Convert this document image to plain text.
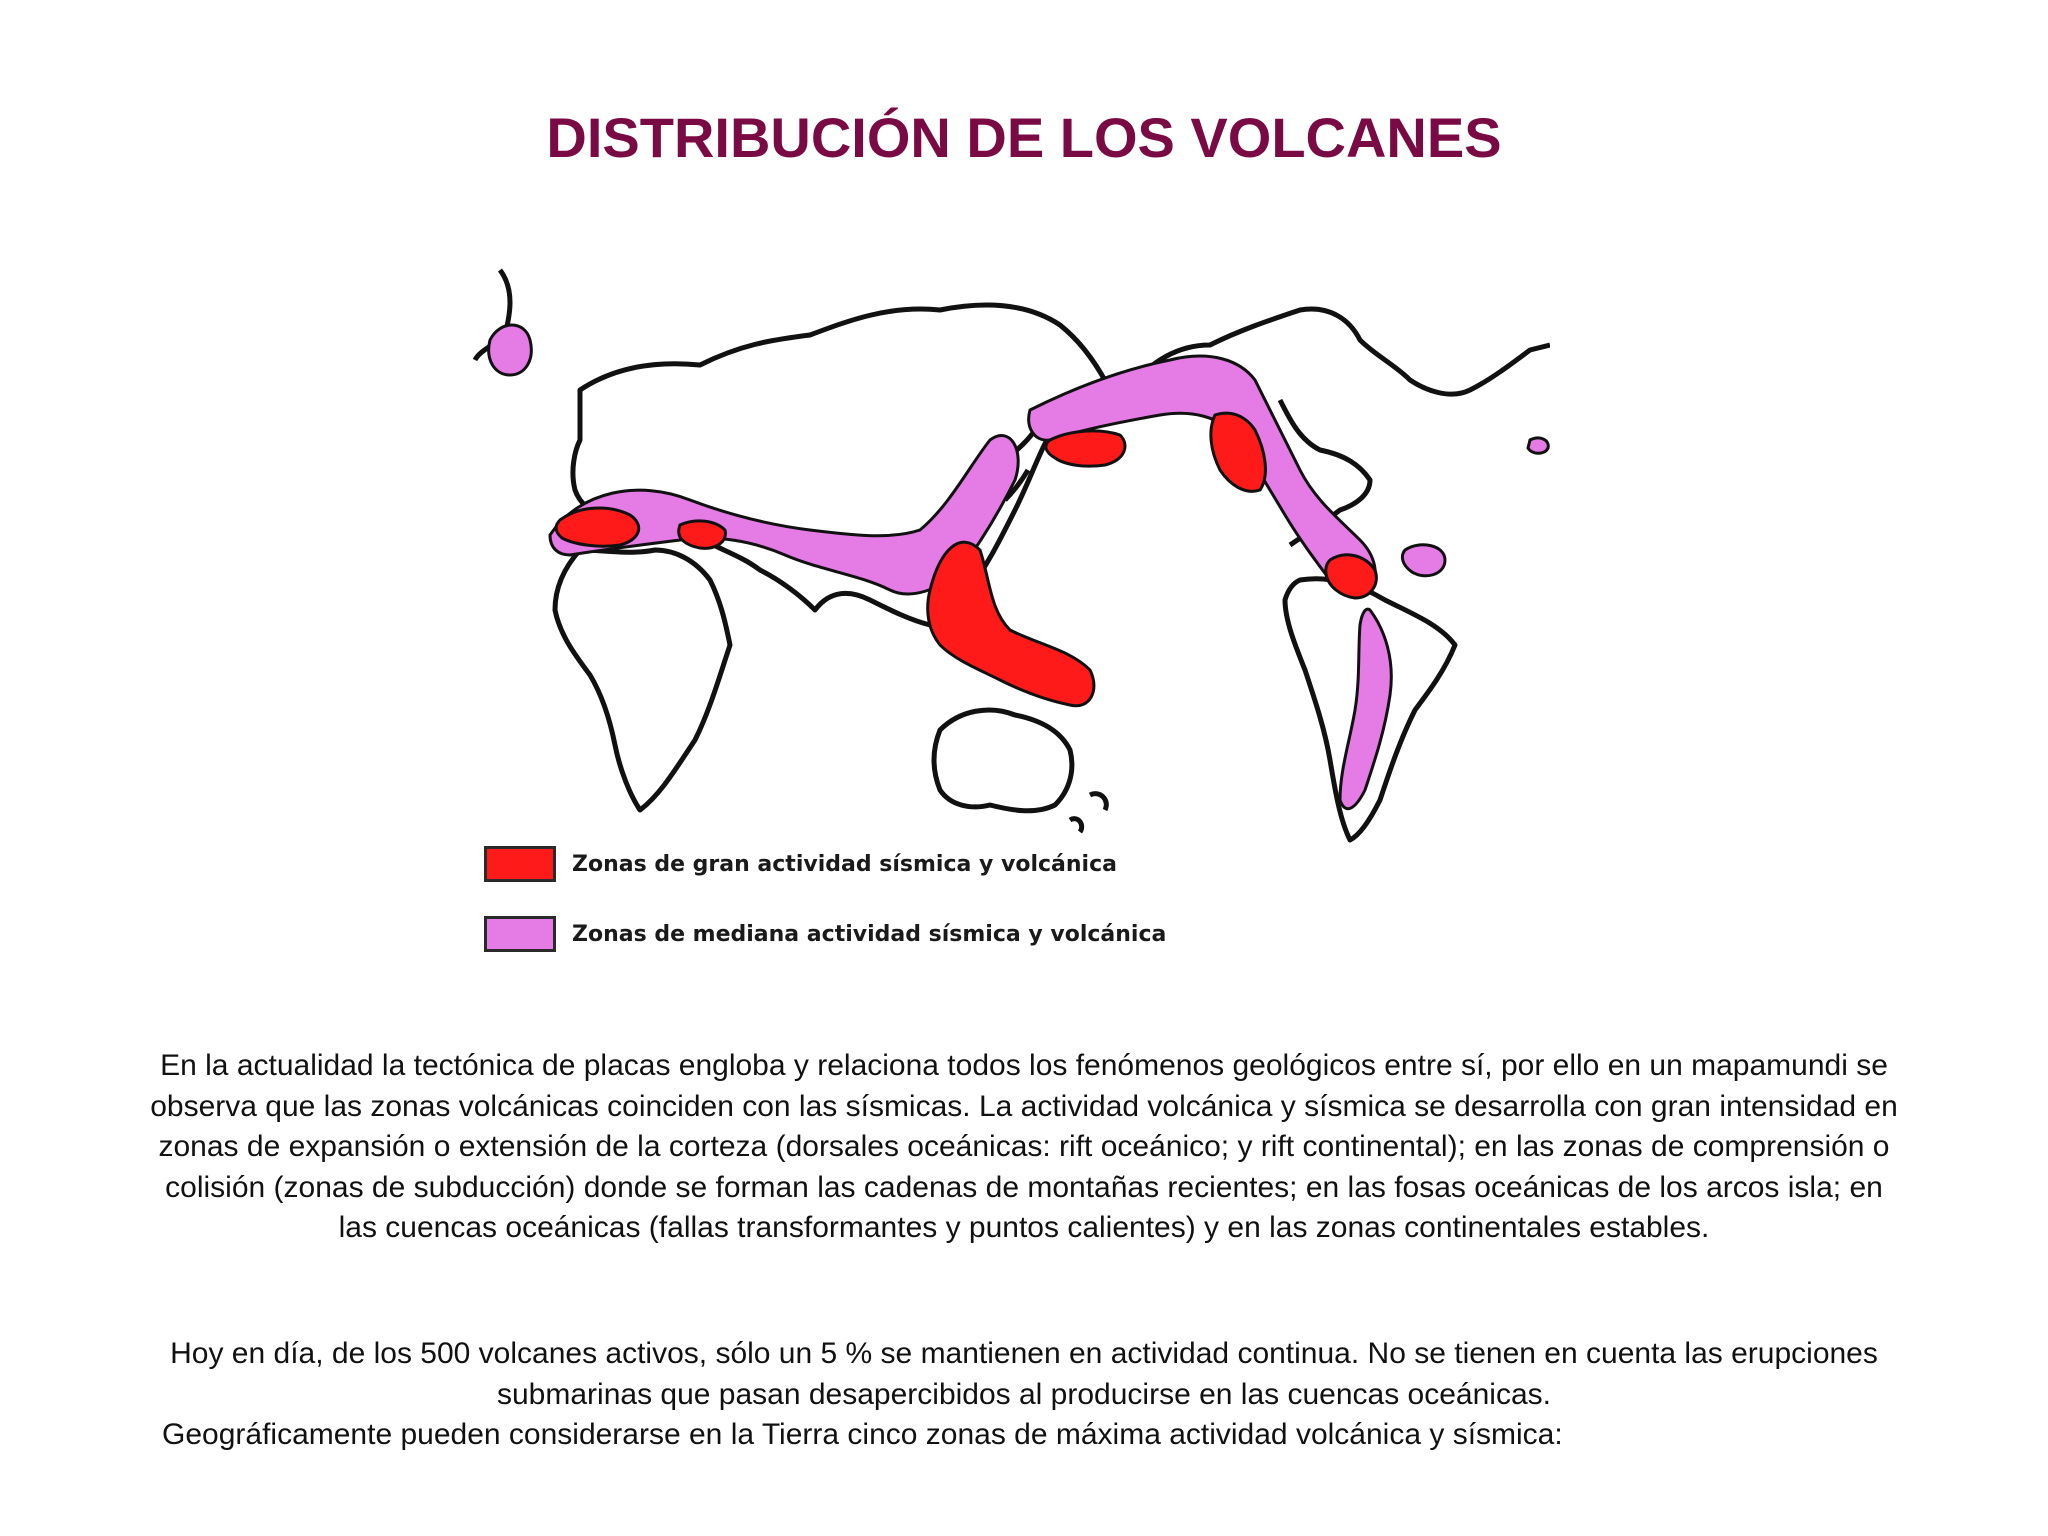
DISTRIBUCIÓN DE LOS VOLCANES
Zonas de gran actividad sísmica y volcánica
Zonas de mediana actividad sísmica y volcánica

En la actualidad la tectónica de placas engloba y relaciona todos los fenómenos geológicos entre sí, por ello en un mapamundi se observa que las zonas volcánicas coinciden con las sísmicas. La actividad volcánica y sísmica se desarrolla con gran intensidad en zonas de expansión o extensión de la corteza (dorsales oceánicas: rift oceánico; y rift continental); en las zonas de comprensión o colisión (zonas de subducción) donde se forman las cadenas de montañas recientes; en las fosas oceánicas de los arcos isla; en las cuencas oceánicas (fallas transformantes y puntos calientes) y en las zonas continentales estables.

Hoy en día, de los 500 volcanes activos, sólo un 5 % se mantienen en actividad continua. No se tienen en cuenta las erupciones submarinas que pasan desapercibidos al producirse en las cuencas oceánicas.

Geográficamente pueden considerarse en la Tierra cinco zonas de máxima actividad volcánica y sísmica:
